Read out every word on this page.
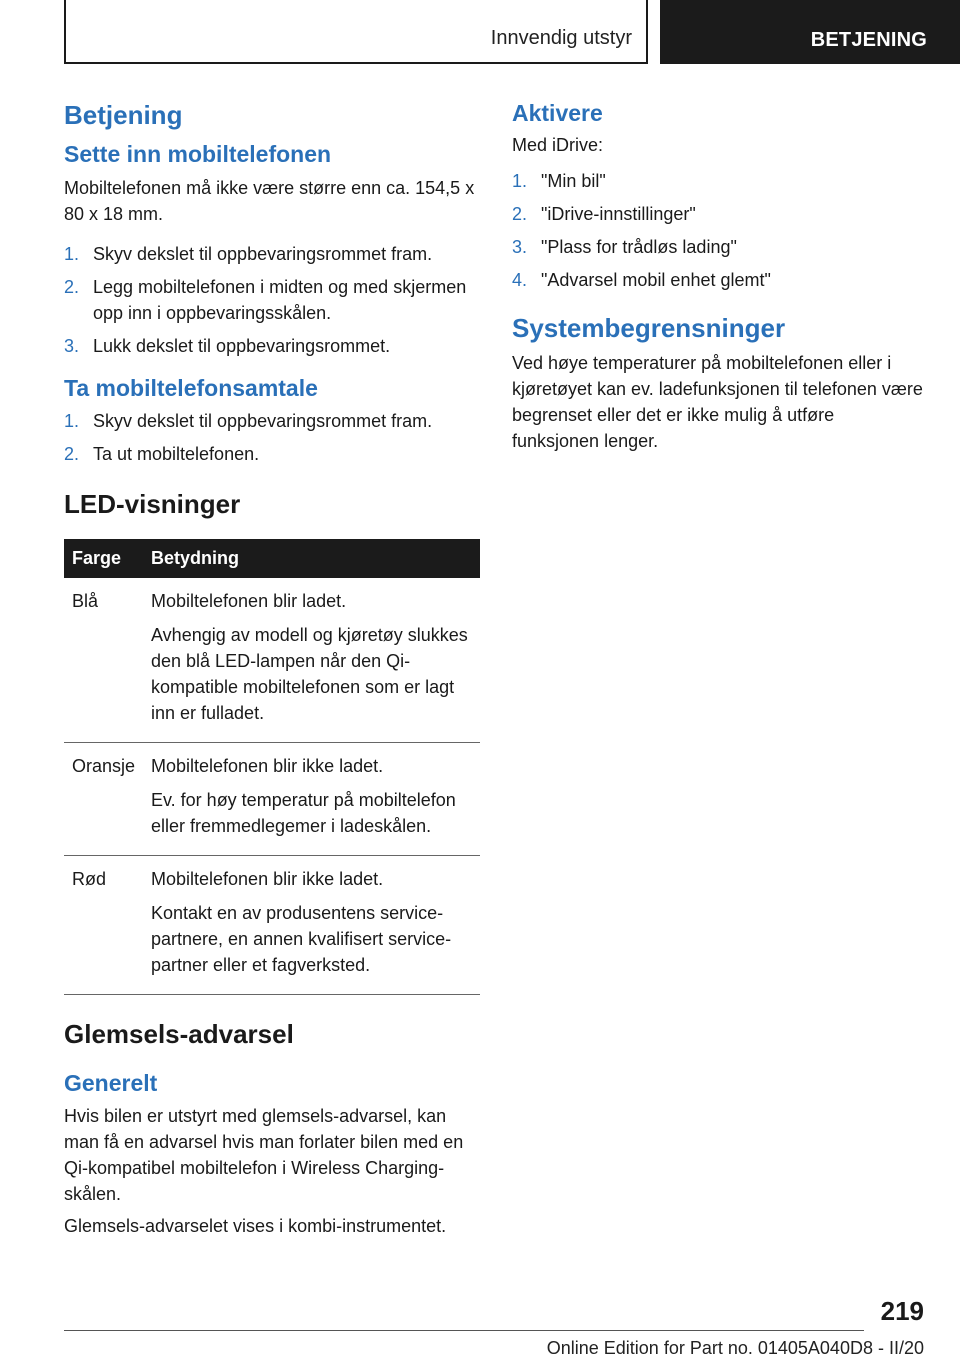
Innvendig utstyr	BETJENING
Betjening
Sette inn mobiltelefonen

Mobiltelefonen må ikke være større enn ca. 154,5 x 80 x 18 mm.

1. Skyv dekslet til oppbevaringsrommet fram.
2. Legg mobiltelefonen i midten og med skjermen opp inn i oppbevaringsskålen.
3. Lukk dekslet til oppbevaringsrommet.
Ta mobiltelefonsamtale
1. Skyv dekslet til oppbevaringsrommet fram.
2. Ta ut mobiltelefonen.
LED-visninger
Farge	Betydning
Blå	Mobiltelefonen blir ladet.

Avhengig av modell og kjøretøy slukkes den blå LED-lampen når den Qi-kompatible mobiltelefonen som er lagt inn er fulladet.

Oransje	Mobiltelefonen blir ikke ladet.

Ev. for høy temperatur på mobiltelefon eller fremmedlegemer i ladeskålen.

Rød	Mobiltelefonen blir ikke ladet.

Kontakt en av produsentens servicepartnere, en annen kvalifisert servicepartner eller et fagverksted.

Glemsels-advarsel
Generelt

Hvis bilen er utstyrt med glemsels-advarsel, kan man få en advarsel hvis man forlater bilen med en Qi-kompatibel mobiltelefon i Wireless Charging-skålen.

Glemsels-advarselet vises i kombi-instrumentet.

Aktivere

Med iDrive:

1. "Min bil"
2. "iDrive-innstillinger"
3. "Plass for trådløs lading"
4. "Advarsel mobil enhet glemt"
Systembegrensninger

Ved høye temperaturer på mobiltelefonen eller i kjøretøyet kan ev. ladefunksjonen til telefonen være begrenset eller det er ikke mulig å utføre funksjonen lenger.

219
Online Edition for Part no. 01405A040D8 - II/20
